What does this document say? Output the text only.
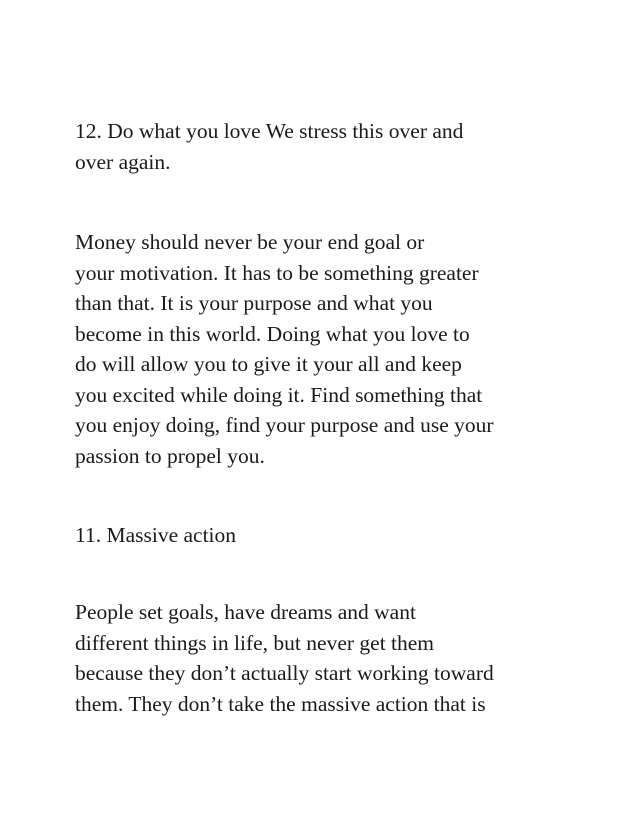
12. Do what you love We stress this over and
over again.
Money should never be your end goal or
your motivation. It has to be something greater
than that. It is your purpose and what you
become in this world. Doing what you love to
do will allow you to give it your all and keep
you excited while doing it. Find something that
you enjoy doing, find your purpose and use your
passion to propel you.
11. Massive action
People set goals, have dreams and want
different things in life, but never get them
because they don’t actually start working toward
them. They don’t take the massive action that is
